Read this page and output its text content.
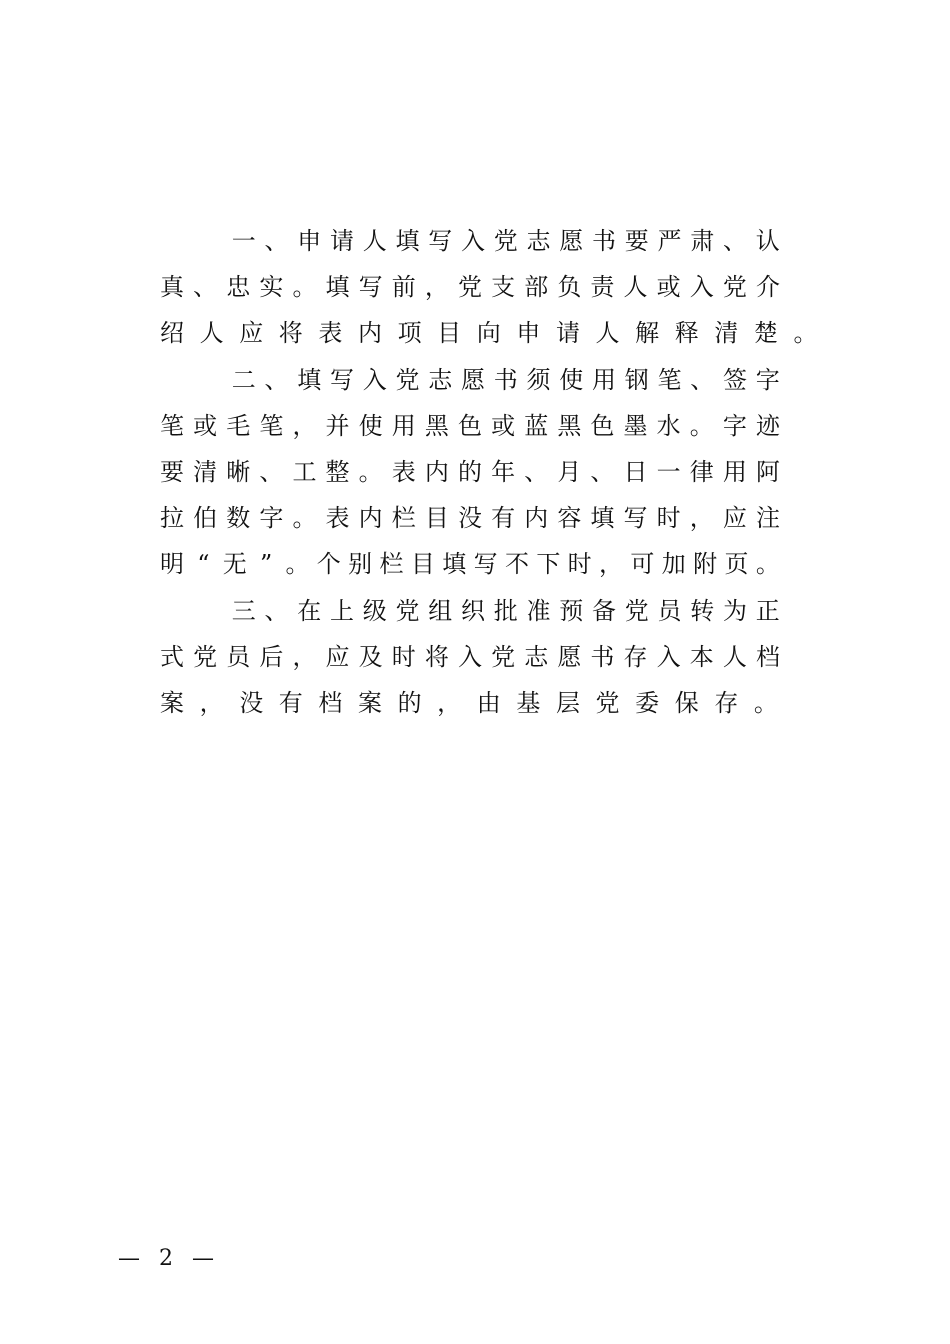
一 、 申 请 人 填 写 入 党 志 愿 书 要 严 肃 、 认
真 、 忠 实 。 填 写 前 ， 党 支 部 负 责 人 或 入 党 介
绍 人 应 将 表 内 项 目 向 申 请 人 解 释 清 楚 。
二 、 填 写 入 党 志 愿 书 须 使 用 钢 笔 、 签 字
笔 或 毛 笔 ， 并 使 用 黑 色 或 蓝 黑 色 墨 水 。 字 迹
要 清 晰 、 工 整 。 表 内 的 年 、 月 、 日 一 律 用 阿
拉 伯 数 字 。 表 内 栏 目 没 有 内 容 填 写 时 ， 应 注
明 “ 无 ” 。 个 别 栏 目 填 写 不 下 时 ， 可 加 附 页 。
三 、 在 上 级 党 组 织 批 准 预 备 党 员 转 为 正
式 党 员 后 ， 应 及 时 将 入 党 志 愿 书 存 入 本 人 档
案 ， 没 有 档 案 的 ， 由 基 层 党 委 保 存 。
— 2 —
